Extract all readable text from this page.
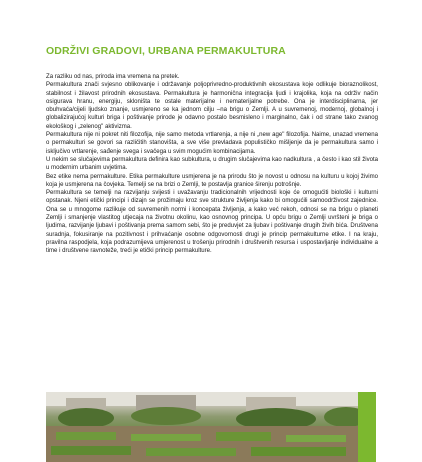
ODRŽIVI GRADOVI, URBANA PERMAKULTURA

Za razliku od nas, priroda ima vremena na pretek.

Permakultura znači svjesno oblikovanje i održavanje poljoprivredno-produktivnih ekosustava koje odlikuje bioraznolikost, stabilnost i žilavost prirodnih ekosustava. Permakultura je harmonična integracija ljudi i krajolika, koja na održiv način osigurava hranu, energiju, skloništa te ostale materijalne i nematerijalne potrebe. Ona je interdisciplinarna, jer obuhvaća/cijeli ljudsko znanje, usmjereno se ka jednom cilju –na brigu o Zemlji. A u suvremenoj, modernoj, globalnoj i globalizirajućoj kulturi briga i poštivanje prirode je odavno postalo besmisleno i marginalno, čak i od strane tako zvanog ekološkog i „zelenog" aktivizma.

Permakultura nije ni pokret niti filozofija, nije samo metoda vrtlarenja, a nije ni „new age" filozofija. Naime, unazad vremena o permakulturi se govori sa različitih stanovišta, a sve više prevladava populističko mišljenje da je permakultura samo i isključivo vrtlarenje, sađenje svega i svačega u svim mogućim kombinacijama.

U nekim se slučajevima permakultura definira kao subkultura, u drugim slučajevima kao nadkultura , a često i kao stil života u modernim urbanim uvjetima.

Bez etike nema permakulture. Etika permakulture usmjerena je na prirodu što je novost u odnosu na kulturu u kojoj živimo koja je usmjerena na čovjeka. Temelji se na brizi o Zemlji, te postavlja granice širenju potrošnje.

Permakultura se temelji na razvijanju svijesti i uvažavanju tradicionalnih vrijednosti koje će omogućiti biološki i kulturni opstanak. Njeni etički principi i dizajn se prožimaju kroz sve strukture življenja kako bi omogućili samoodrživost zajednice. Ona se u mnogome razlikuje od suvremenih normi i koncepata življenja, a kako već rekoh, odnosi se na brigu o planeti Zemlji i smanjenje vlastitog utjecaja na životnu okolinu, kao osnovnog principa. U opću brigu o Zemlji uvršteni je briga o ljudima, razvijanje ljubavi i poštivanja prema samom sebi, što je preduvjet za ljubav i poštivanje drugih živih bića. Društvena suradnja, fokusiranje na pozitivnost i prihvaćanje osobne odgovornosti drugi je princip permakulturne etike. I na kraju, pravilna raspodjela, koja podrazumijeva umjerenost u trošenju prirodnih i društvenih resursa i uspostavljanje individualne a time i društvene ravnoteže, treći je etički princip permakulture.
